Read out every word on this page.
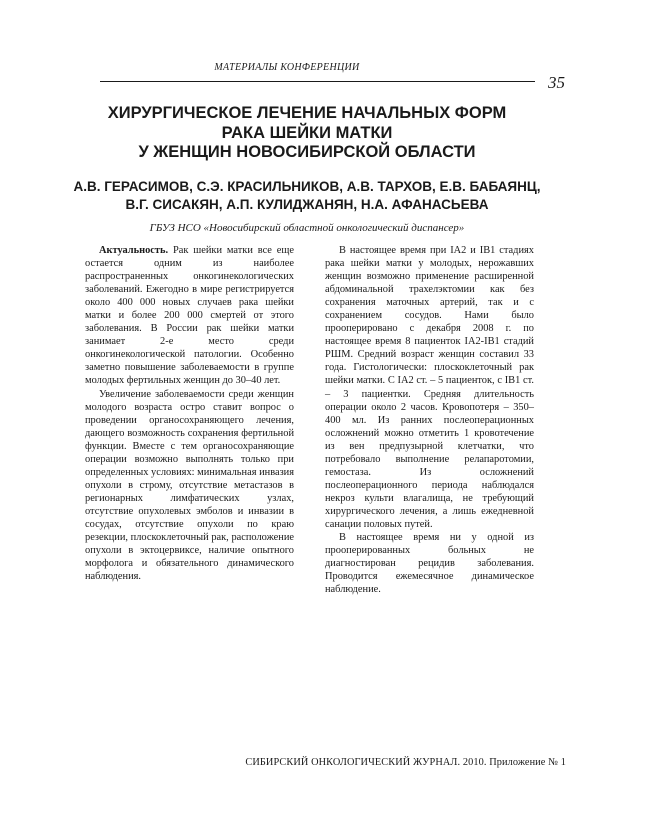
МАТЕРИАЛЫ КОНФЕРЕНЦИИ
35
ХИРУРГИЧЕСКОЕ ЛЕЧЕНИЕ НАЧАЛЬНЫХ ФОРМ
РАКА ШЕЙКИ МАТКИ
У ЖЕНЩИН НОВОСИБИРСКОЙ ОБЛАСТИ
А.В. ГЕРАСИМОВ, С.Э. КРАСИЛЬНИКОВ, А.В. ТАРХОВ, Е.В. БАБАЯНЦ,
В.Г. СИСАКЯН, А.П. КУЛИДЖАНЯН, Н.А. АФАНАСЬЕВА
ГБУЗ НСО «Новосибирский областной онкологический диспансер»

Актуальность. Рак шейки матки все еще остается одним из наиболее распространенных онкогинекологических заболеваний. Ежегодно в мире регистрируется около 400 000 новых случаев рака шейки матки и более 200 000 смертей от этого заболевания. В России рак шейки матки занимает 2-е место среди онкогинекологической патологии. Особенно заметно повышение заболеваемости в группе молодых фертильных женщин до 30–40 лет.

Увеличение заболеваемости среди женщин молодого возраста остро ставит вопрос о проведении органосохраняющего лечения, дающего возможность сохранения фертильной функции. Вместе с тем органосохраняющие операции возможно выполнять только при определенных условиях: минимальная инвазия опухоли в строму, отсутствие метастазов в регионарных лимфатических узлах, отсутствие опухолевых эмболов и инвазии в сосудах, отсутствие опухоли по краю резекции, плоскоклеточный рак, расположение опухоли в эктоцервиксе, наличие опытного морфолога и обязательного динамического наблюдения.

В настоящее время при IA2 и IB1 стадиях рака шейки матки у молодых, нерожавших женщин возможно применение расширенной абдоминальной трахелэктомии как без сохранения маточных артерий, так и с сохранением сосудов. Нами было прооперировано с декабря 2008 г. по настоящее время 8 пациенток IA2-IB1 стадий РШМ. Средний возраст женщин составил 33 года. Гистологически: плоскоклеточный рак шейки матки. С IA2 ст. – 5 пациенток, с IB1 ст. – 3 пациентки. Средняя длительность операции около 2 часов. Кровопотеря – 350–400 мл. Из ранних послеоперационных осложнений можно отметить 1 кровотечение из вен предпузырной клетчатки, что потребовало выполнение релапаротомии, гемостаза. Из осложнений послеоперационного периода наблюдался некроз культи влагалища, не требующий хирургического лечения, а лишь ежедневной санации половых путей.

В настоящее время ни у одной из прооперированных больных не диагностирован рецидив заболевания. Проводится ежемесячное динамическое наблюдение.

СИБИРСКИЙ ОНКОЛОГИЧЕСКИЙ ЖУРНАЛ. 2010. Приложение № 1
